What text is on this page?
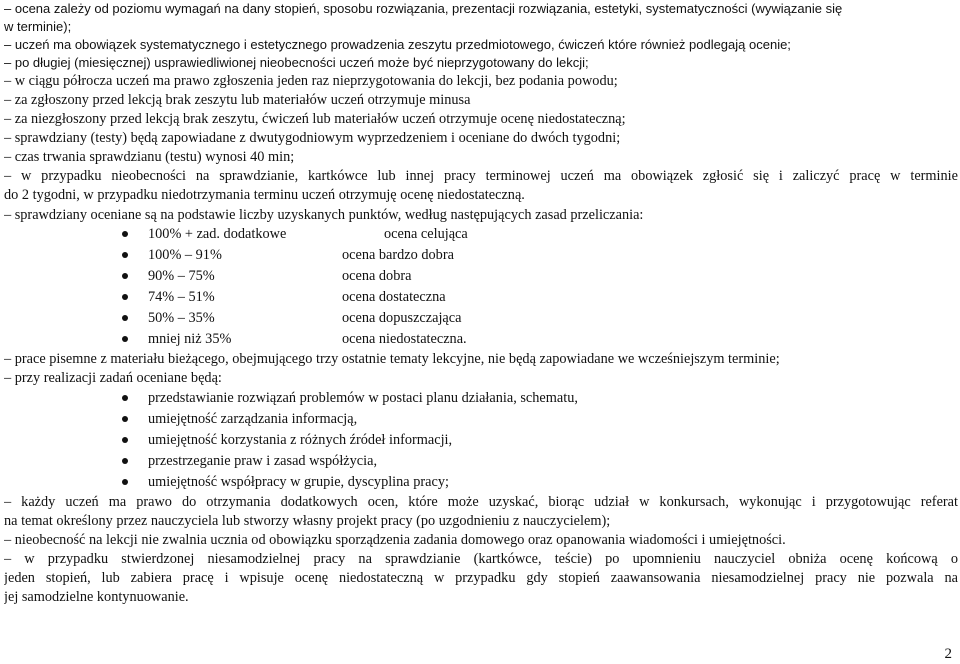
– ocena zależy od poziomu wymagań na dany stopień, sposobu rozwiązania, prezentacji rozwiązania, estetyki, systematyczności (wywiązanie się
w terminie);
– uczeń ma obowiązek systematycznego i estetycznego prowadzenia zeszytu przedmiotowego, ćwiczeń które również podlegają ocenie;
– po długiej (miesięcznej) usprawiedliwionej nieobecności uczeń może być nieprzygotowany do lekcji;
– w ciągu półrocza uczeń ma prawo zgłoszenia jeden raz nieprzygotowania do lekcji, bez podania powodu;
– za zgłoszony przed lekcją brak zeszytu lub materiałów uczeń otrzymuje minusa
– za niezgłoszony przed lekcją brak zeszytu, ćwiczeń lub materiałów uczeń otrzymuje ocenę niedostateczną;
– sprawdziany (testy) będą zapowiadane z dwutygodniowym wyprzedzeniem i oceniane do dwóch tygodni;
– czas trwania sprawdzianu (testu) wynosi 40 min;
– w przypadku nieobecności na sprawdzianie, kartkówce lub innej pracy terminowej uczeń ma obowiązek zgłosić się i zaliczyć pracę w terminie
do 2 tygodni, w przypadku niedotrzymania terminu uczeń otrzymuję ocenę niedostateczną.
– sprawdziany oceniane są na podstawie liczby uzyskanych punktów, według następujących zasad przeliczania:
100% + zad. dodatkowe	ocena celująca
100% – 91%	ocena bardzo dobra
90% – 75%	ocena dobra
74% – 51%	ocena dostateczna
50% – 35%	ocena dopuszczająca
mniej niż 35%	ocena niedostateczna.
– prace pisemne z materiału bieżącego, obejmującego trzy ostatnie tematy lekcyjne, nie będą zapowiadane we wcześniejszym terminie;
– przy realizacji zadań oceniane będą:
przedstawianie rozwiązań problemów w postaci planu działania, schematu,
umiejętność zarządzania informacją,
umiejętność korzystania z różnych źródeł informacji,
przestrzeganie praw i zasad współżycia,
umiejętność współpracy w grupie, dyscyplina pracy;
– każdy uczeń ma prawo do otrzymania dodatkowych ocen, które może uzyskać, biorąc udział w konkursach, wykonując i przygotowując referat
na temat określony przez nauczyciela lub stworzy własny projekt pracy (po uzgodnieniu z nauczycielem);
– nieobecność na lekcji nie zwalnia ucznia od obowiązku sporządzenia zadania domowego oraz opanowania wiadomości i umiejętności.
– w przypadku stwierdzonej niesamodzielnej pracy na sprawdzianie (kartkówce, teście) po upomnieniu nauczyciel obniża ocenę końcową o
jeden stopień, lub zabiera pracę i wpisuje ocenę niedostateczną w przypadku gdy stopień zaawansowania niesamodzielnej pracy nie pozwala na
jej samodzielne kontynuowanie.
2
